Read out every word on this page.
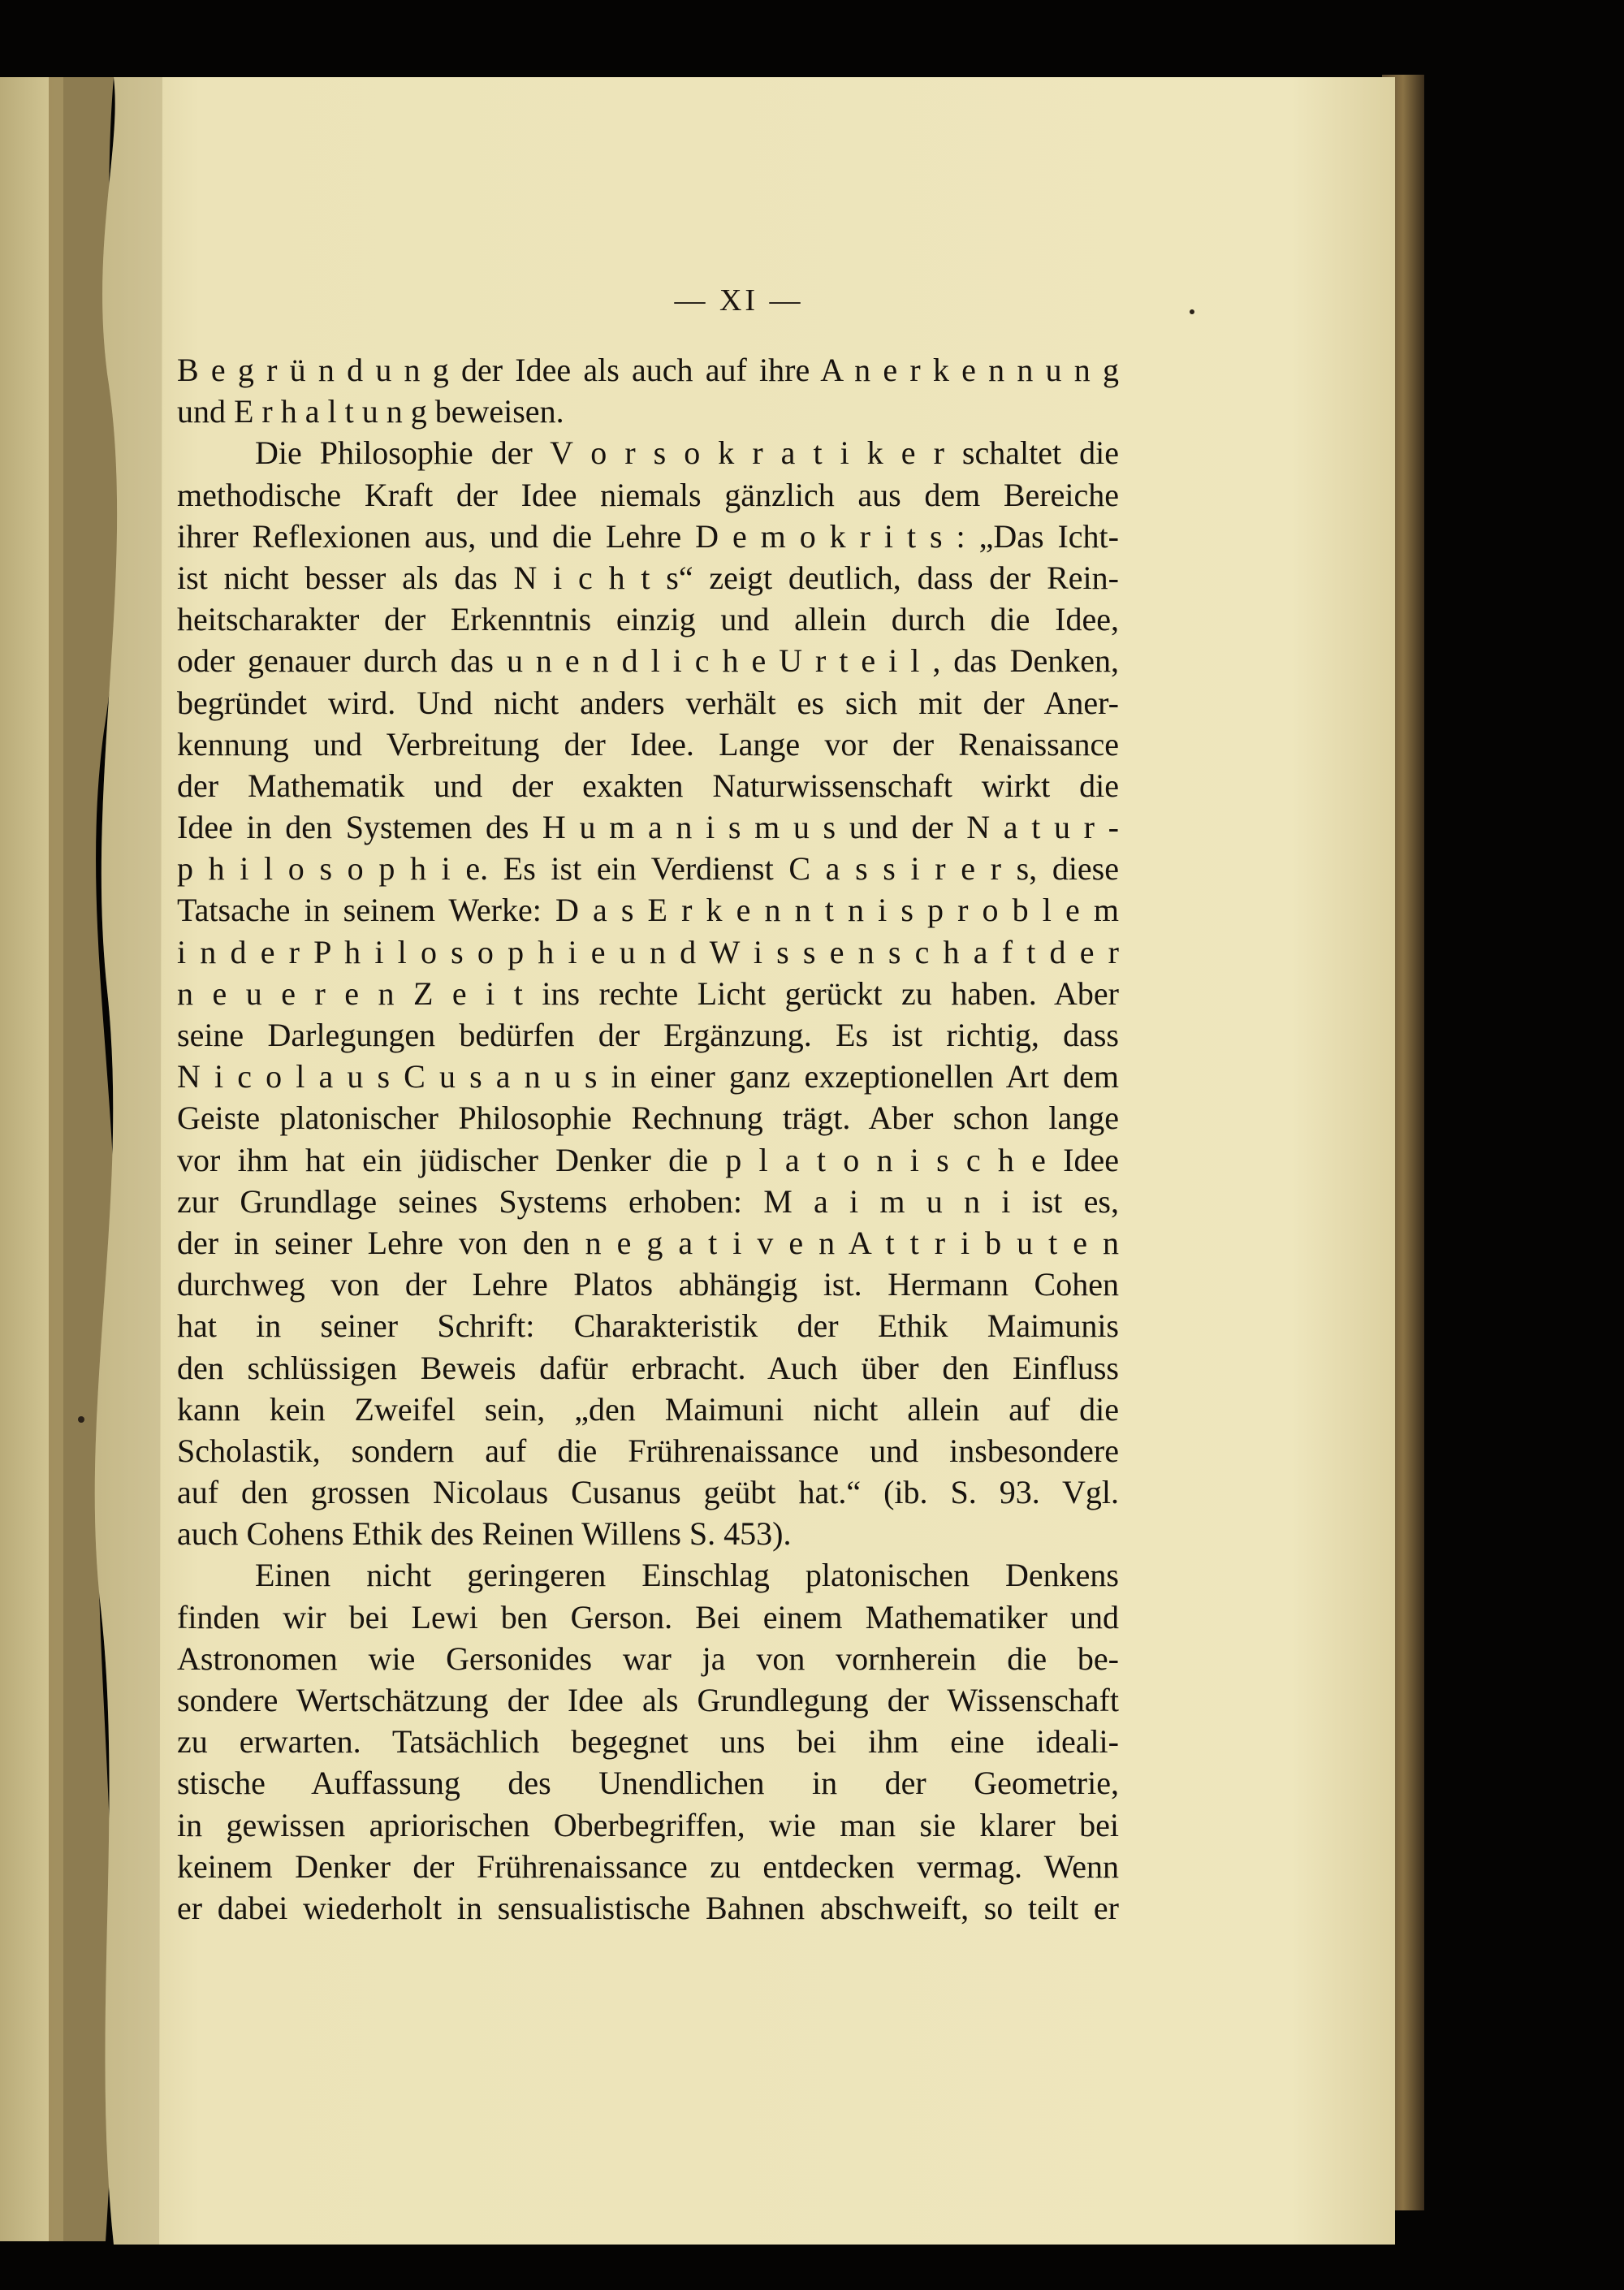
— XI —
B e g r ü n d u n g der Idee als auch auf ihre A n e r k e n n u n g
und E r h a l t u n g beweisen.
Die Philosophie der V o r s o k r a t i k e r schaltet die
methodische Kraft der Idee niemals gänzlich aus dem Bereiche
ihrer Reflexionen aus, und die Lehre D e m o k r i t s : „Das Icht-
ist nicht besser als das N i c h t s“ zeigt deutlich, dass der Rein-
heitscharakter der Erkenntnis einzig und allein durch die Idee,
oder genauer durch das u n e n d l i c h e U r t e i l , das Denken,
begründet wird. Und nicht anders verhält es sich mit der Aner-
kennung und Verbreitung der Idee. Lange vor der Renaissance
der Mathematik und der exakten Naturwissenschaft wirkt die
Idee in den Systemen des H u m a n i s m u s und der N a t u r -
p h i l o s o p h i e. Es ist ein Verdienst C a s s i r e r s, diese
Tatsache in seinem Werke: D a s E r k e n n t n i s p r o b l e m
i n d e r P h i l o s o p h i e u n d W i s s e n s c h a f t d e r
n e u e r e n Z e i t ins rechte Licht gerückt zu haben. Aber
seine Darlegungen bedürfen der Ergänzung. Es ist richtig, dass
N i c o l a u s C u s a n u s in einer ganz exzeptionellen Art dem
Geiste platonischer Philosophie Rechnung trägt. Aber schon lange
vor ihm hat ein jüdischer Denker die p l a t o n i s c h e Idee
zur Grundlage seines Systems erhoben: M a i m u n i ist es,
der in seiner Lehre von den n e g a t i v e n A t t r i b u t e n
durchweg von der Lehre Platos abhängig ist. Hermann Cohen
hat in seiner Schrift: Charakteristik der Ethik Maimunis
den schlüssigen Beweis dafür erbracht. Auch über den Einfluss
kann kein Zweifel sein, „den Maimuni nicht allein auf die
Scholastik, sondern auf die Frührenaissance und insbesondere
auf den grossen Nicolaus Cusanus geübt hat.“ (ib. S. 93. Vgl.
auch Cohens Ethik des Reinen Willens S. 453).
Einen nicht geringeren Einschlag platonischen Denkens
finden wir bei Lewi ben Gerson. Bei einem Mathematiker und
Astronomen wie Gersonides war ja von vornherein die be-
sondere Wertschätzung der Idee als Grundlegung der Wissenschaft
zu erwarten. Tatsächlich begegnet uns bei ihm eine ideali-
stische Auffassung des Unendlichen in der Geometrie,
in gewissen apriorischen Oberbegriffen, wie man sie klarer bei
keinem Denker der Frührenaissance zu entdecken vermag. Wenn
er dabei wiederholt in sensualistische Bahnen abschweift, so teilt er
